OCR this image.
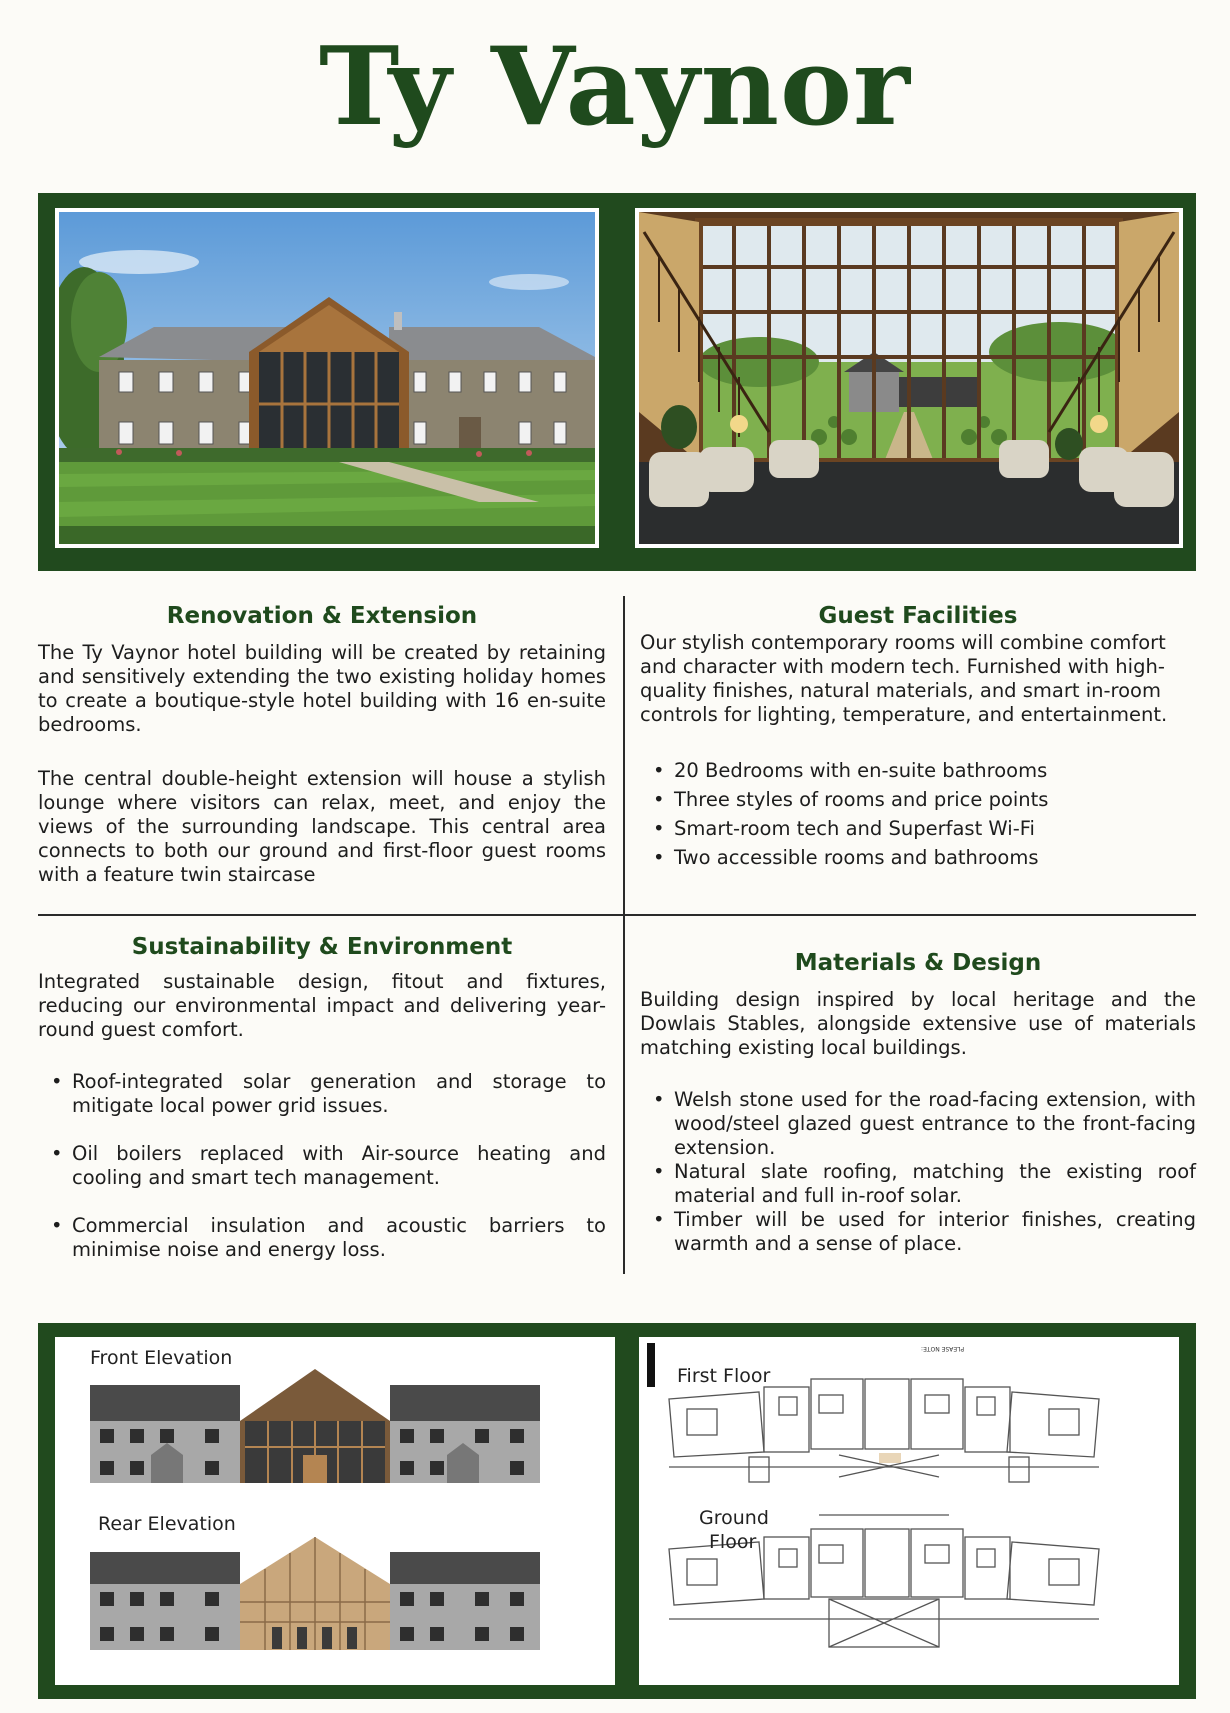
Ty Vaynor
Renovation & Extension

The Ty Vaynor hotel building will be created by retaining and sensitively extending the two existing holiday homes to create a boutique-style hotel building with 16 en-suite bedrooms.

The central double-height extension will house a stylish lounge where visitors can relax, meet, and enjoy the views of the surrounding landscape. This central area connects to both our ground and first-floor guest rooms with a feature twin staircase

Guest Facilities

Our stylish contemporary rooms will combine comfort and character with modern tech. Furnished with high-quality finishes, natural materials, and smart in-room controls for lighting, temperature, and entertainment.

• 20 Bedrooms with en-suite bathrooms
• Three styles of rooms and price points
• Smart-room tech and Superfast Wi-Fi
• Two accessible rooms and bathrooms
Sustainability & Environment

Integrated sustainable design, fitout and fixtures, reducing our environmental impact and delivering year-round guest comfort.

• Roof-integrated solar generation and storage to mitigate local power grid issues.
• Oil boilers replaced with Air-source heating and cooling and smart tech management.
• Commercial insulation and acoustic barriers to minimise noise and energy loss.
Materials & Design

Building design inspired by local heritage and the Dowlais Stables, alongside extensive use of materials matching existing local buildings.

• Welsh stone used for the road-facing extension, with wood/steel glazed guest entrance to the front-facing extension.
• Natural slate roofing, matching the existing roof material and full in-roof solar.
• Timber will be used for interior finishes, creating warmth and a sense of place.
Front Elevation
Rear Elevation
First Floor
Ground
Floor
PLEASE NOTE:
